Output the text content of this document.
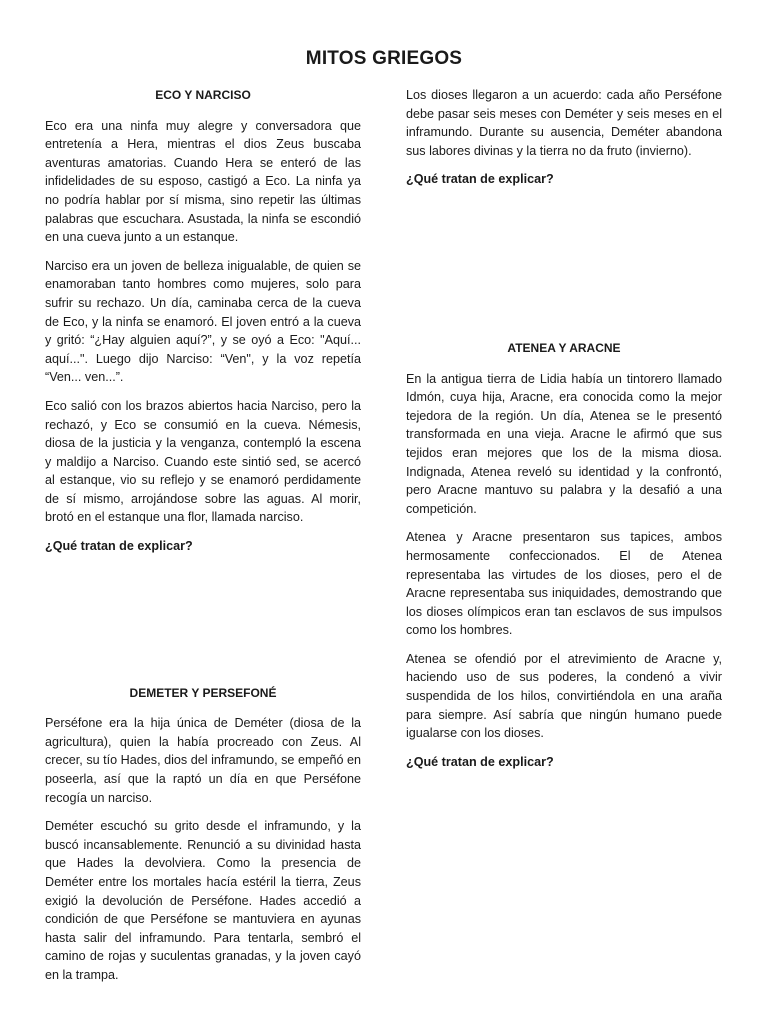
MITOS GRIEGOS
ECO Y NARCISO

Eco era una ninfa muy alegre y conversadora que entretenía a Hera, mientras el dios Zeus buscaba aventuras amatorias. Cuando Hera se enteró de las infidelidades de su esposo, castigó a Eco. La ninfa ya no podría hablar por sí misma, sino repetir las últimas palabras que escuchara. Asustada, la ninfa se escondió en una cueva junto a un estanque.

Narciso era un joven de belleza inigualable, de quien se enamoraban tanto hombres como mujeres, solo para sufrir su rechazo. Un día, caminaba cerca de la cueva de Eco, y la ninfa se enamoró. El joven entró a la cueva y gritó: “¿Hay alguien aquí?”, y se oyó a Eco: "Aquí... aquí...". Luego dijo Narciso: “Ven", y la voz repetía “Ven... ven...”.

Eco salió con los brazos abiertos hacia Narciso, pero la rechazó, y Eco se consumió en la cueva. Némesis, diosa de la justicia y la venganza, contempló la escena y maldijo a Narciso. Cuando este sintió sed, se acercó al estanque, vio su reflejo y se enamoró perdidamente de sí mismo, arrojándose sobre las aguas. Al morir, brotó en el estanque una flor, llamada narciso.

¿Qué tratan de explicar?

DEMETER Y PERSEFONÉ

Perséfone era la hija única de Deméter (diosa de la agricultura), quien la había procreado con Zeus. Al crecer, su tío Hades, dios del inframundo, se empeñó en poseerla, así que la raptó un día en que Perséfone recogía un narciso.

Deméter escuchó su grito desde el inframundo, y la buscó incansablemente. Renunció a su divinidad hasta que Hades la devolviera. Como la presencia de Deméter entre los mortales hacía estéril la tierra, Zeus exigió la devolución de Perséfone. Hades accedió a condición de que Perséfone se mantuviera en ayunas hasta salir del inframundo. Para tentarla, sembró el camino de rojas y suculentas granadas, y la joven cayó en la trampa.

Los dioses llegaron a un acuerdo: cada año Perséfone debe pasar seis meses con Deméter y seis meses en el inframundo. Durante su ausencia, Deméter abandona sus labores divinas y la tierra no da fruto (invierno).

¿Qué tratan de explicar?

ATENEA Y ARACNE

En la antigua tierra de Lidia había un tintorero llamado Idmón, cuya hija, Aracne, era conocida como la mejor tejedora de la región. Un día, Atenea se le presentó transformada en una vieja. Aracne le afirmó que sus tejidos eran mejores que los de la misma diosa. Indignada, Atenea reveló su identidad y la confrontó, pero Aracne mantuvo su palabra y la desafió a una competición.

Atenea y Aracne presentaron sus tapices, ambos hermosamente confeccionados. El de Atenea representaba las virtudes de los dioses, pero el de Aracne representaba sus iniquidades, demostrando que los dioses olímpicos eran tan esclavos de sus impulsos como los hombres.

Atenea se ofendió por el atrevimiento de Aracne y, haciendo uso de sus poderes, la condenó a vivir suspendida de los hilos, convirtiéndola en una araña para siempre. Así sabría que ningún humano puede igualarse con los dioses.

¿Qué tratan de explicar?
